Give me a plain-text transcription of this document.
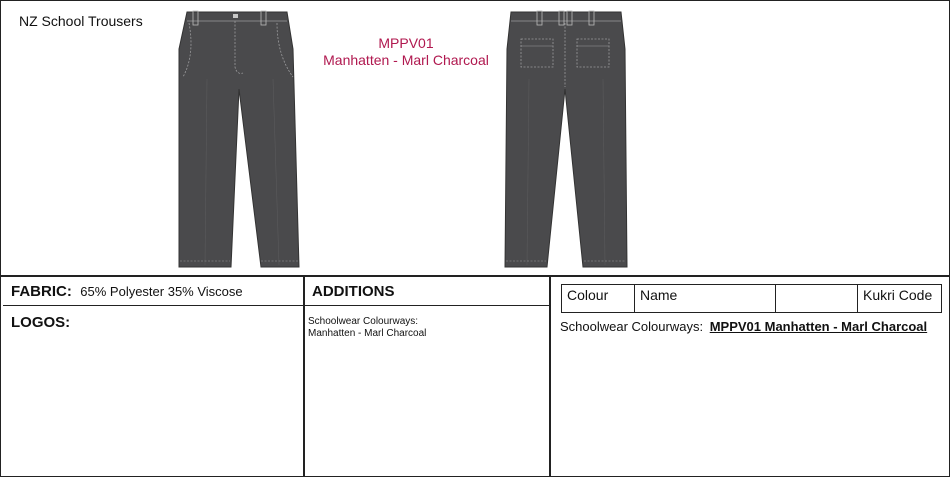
NZ School Trousers
MPPV01
Manhatten - Marl Charcoal
FABRIC: 65% Polyester 35% Viscose
LOGOS:
ADDITIONS
Schoolwear Colourways:
Manhatten - Marl Charcoal
Colour	Name		Kukri Code
Schoolwear Colourways: MPPV01 Manhatten - Marl Charcoal
